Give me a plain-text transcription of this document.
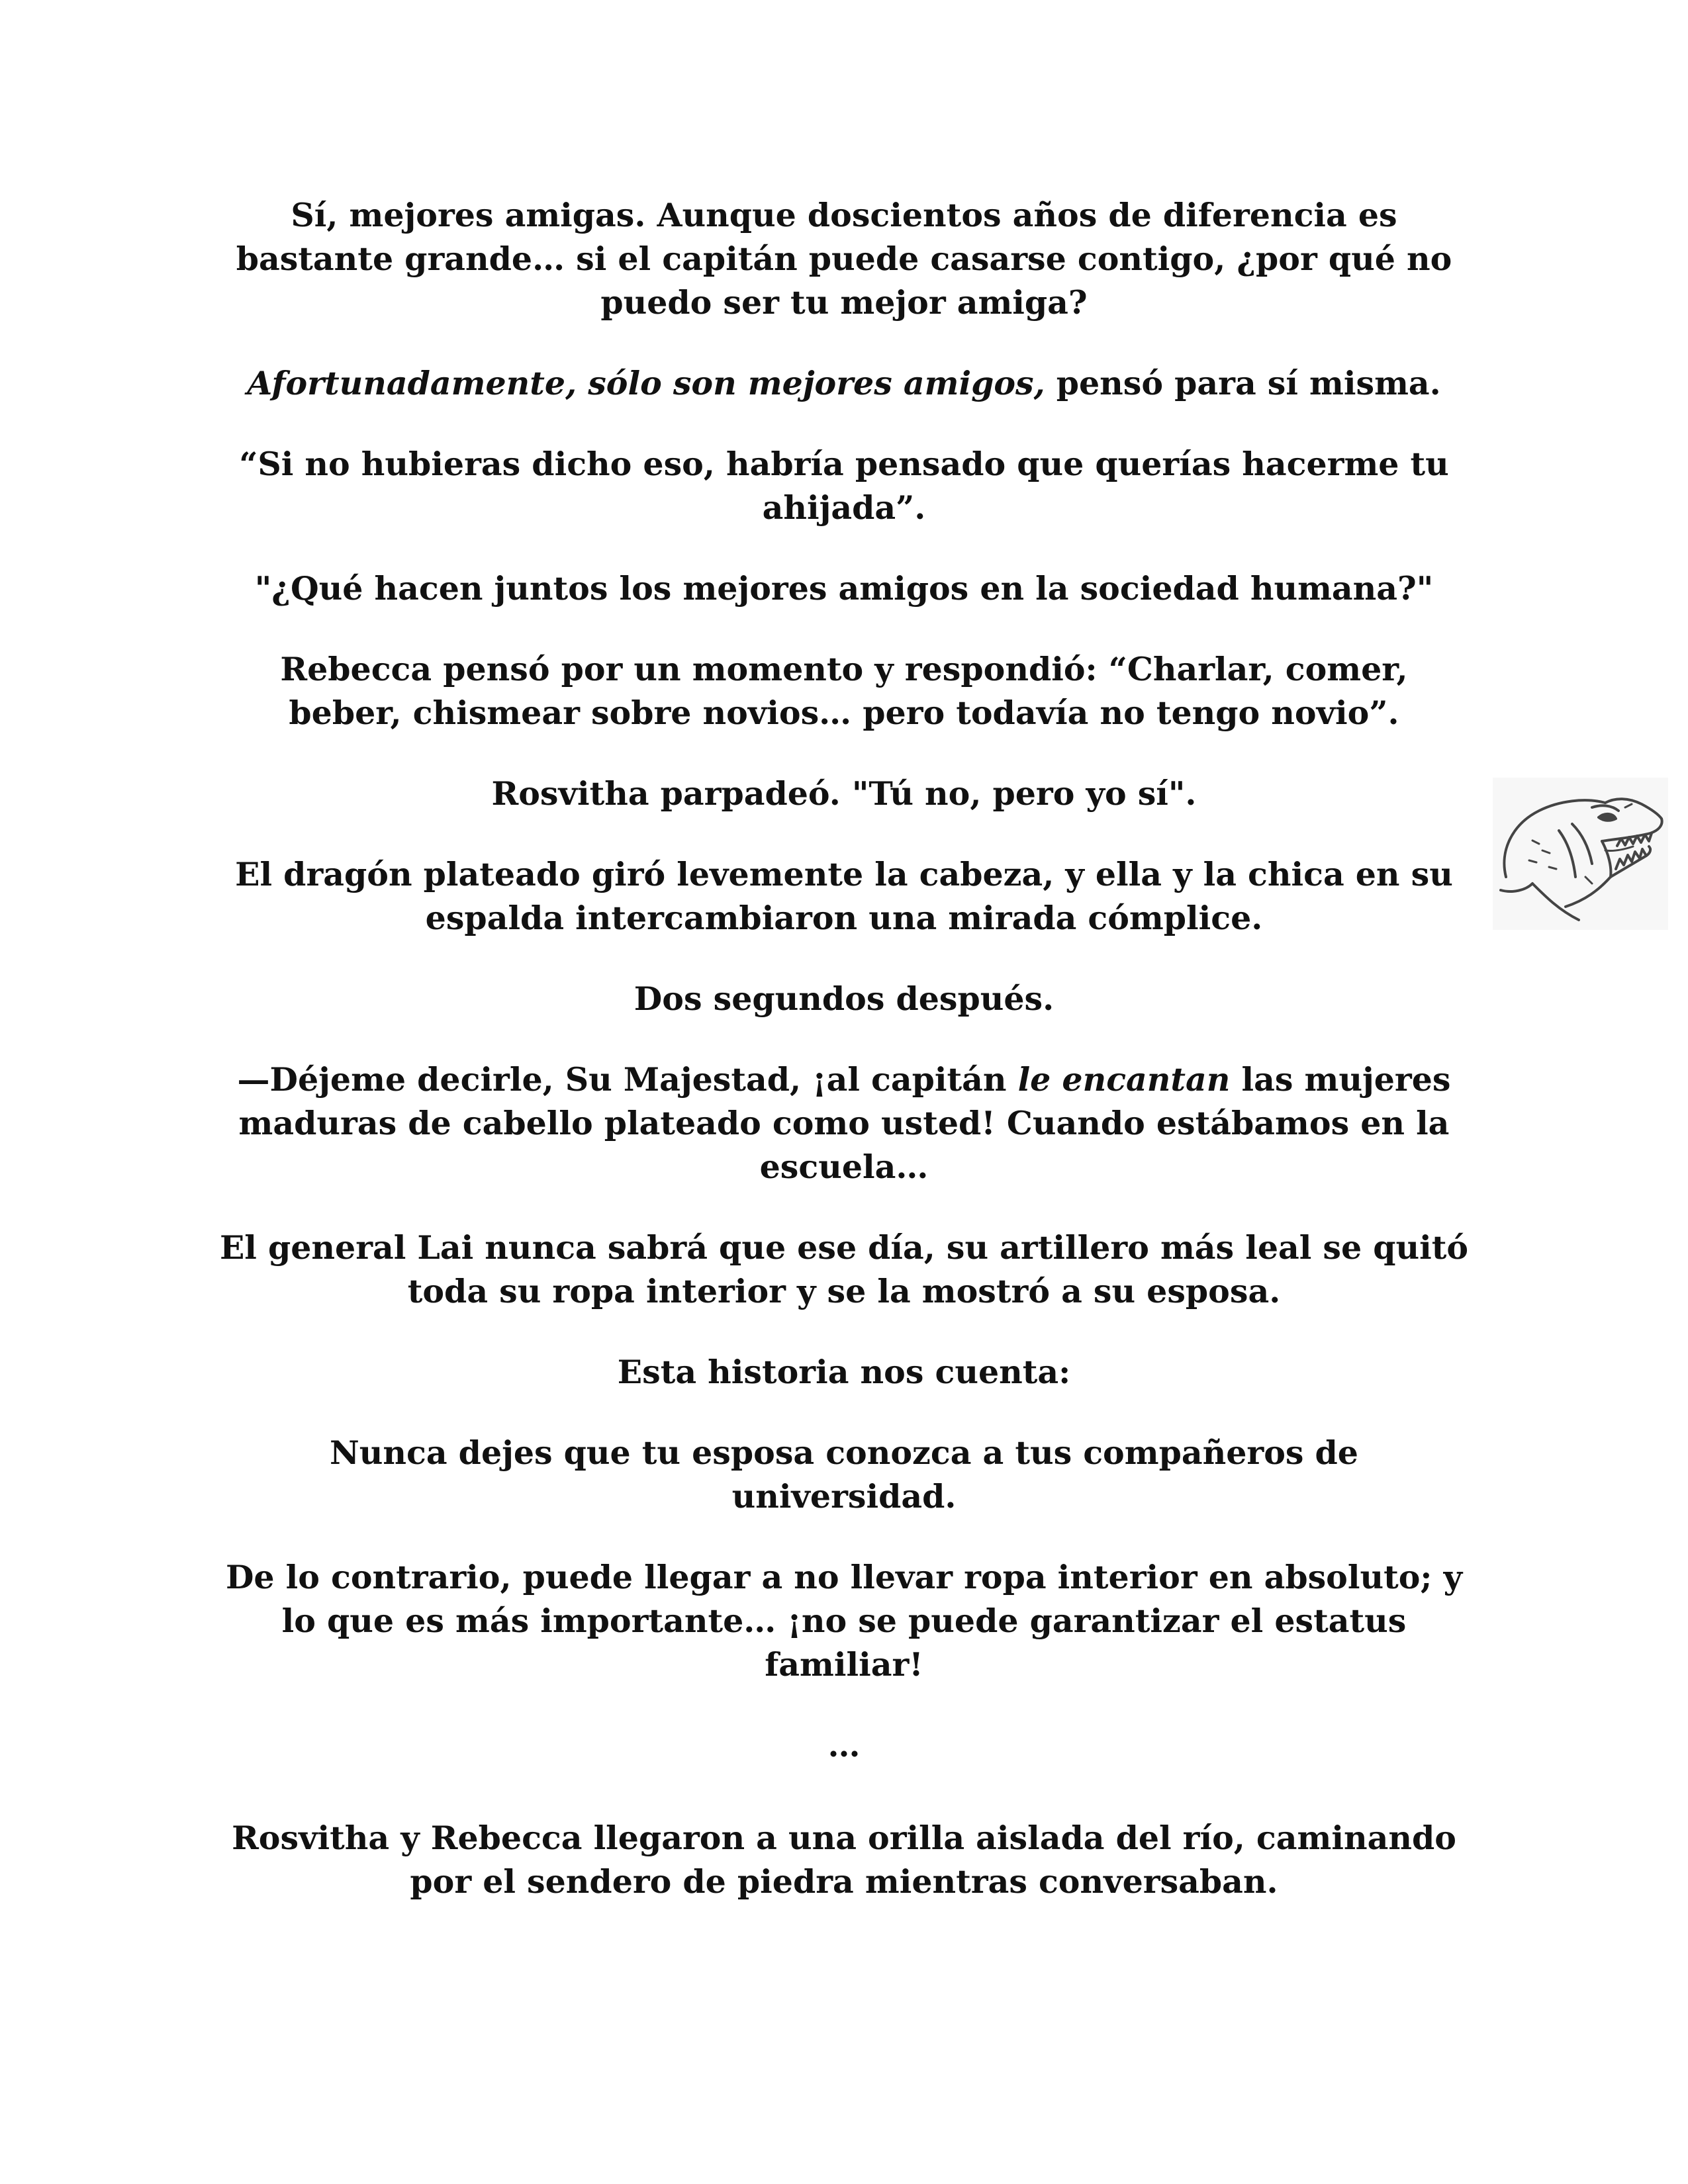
Sí, mejores amigas. Aunque doscientos años de diferencia es bastante grande… si el capitán puede casarse contigo, ¿por qué no puedo ser tu mejor amiga?

Afortunadamente, sólo son mejores amigos, pensó para sí misma.

“Si no hubieras dicho eso, habría pensado que querías hacerme tu ahijada”.

"¿Qué hacen juntos los mejores amigos en la sociedad humana?"

Rebecca pensó por un momento y respondió: “Charlar, comer, beber, chismear sobre novios… pero todavía no tengo novio”.

Rosvitha parpadeó. "Tú no, pero yo sí".

El dragón plateado giró levemente la cabeza, y ella y la chica en su espalda intercambiaron una mirada cómplice.

Dos segundos después.

—Déjeme decirle, Su Majestad, ¡al capitán le encantan las mujeres maduras de cabello plateado como usted! Cuando estábamos en la escuela…

El general Lai nunca sabrá que ese día, su artillero más leal se quitó toda su ropa interior y se la mostró a su esposa.

Esta historia nos cuenta:

Nunca dejes que tu esposa conozca a tus compañeros de universidad.

De lo contrario, puede llegar a no llevar ropa interior en absoluto; y lo que es más importante… ¡no se puede garantizar el estatus familiar!

…

Rosvitha y Rebecca llegaron a una orilla aislada del río, caminando por el sendero de piedra mientras conversaban.
